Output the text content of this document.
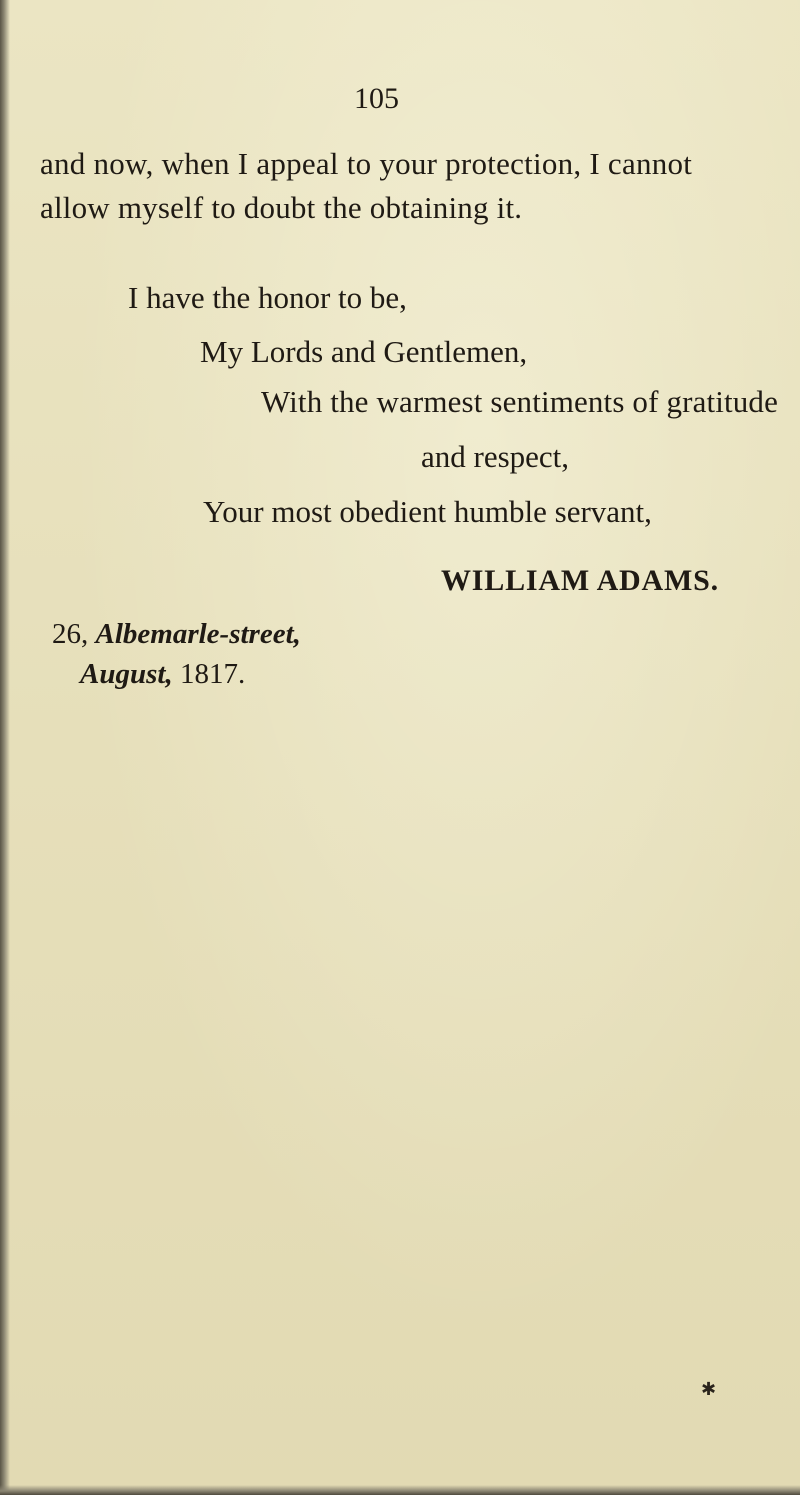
105
and now, when I appeal to your protection, I cannot
allow myself to doubt the obtaining it.
I have the honor to be,
My Lords and Gentlemen,
With the warmest sentiments of gratitude
and respect,
Your most obedient humble servant,
WILLIAM ADAMS.
26, Albemarle-street,
August, 1817.
✱
